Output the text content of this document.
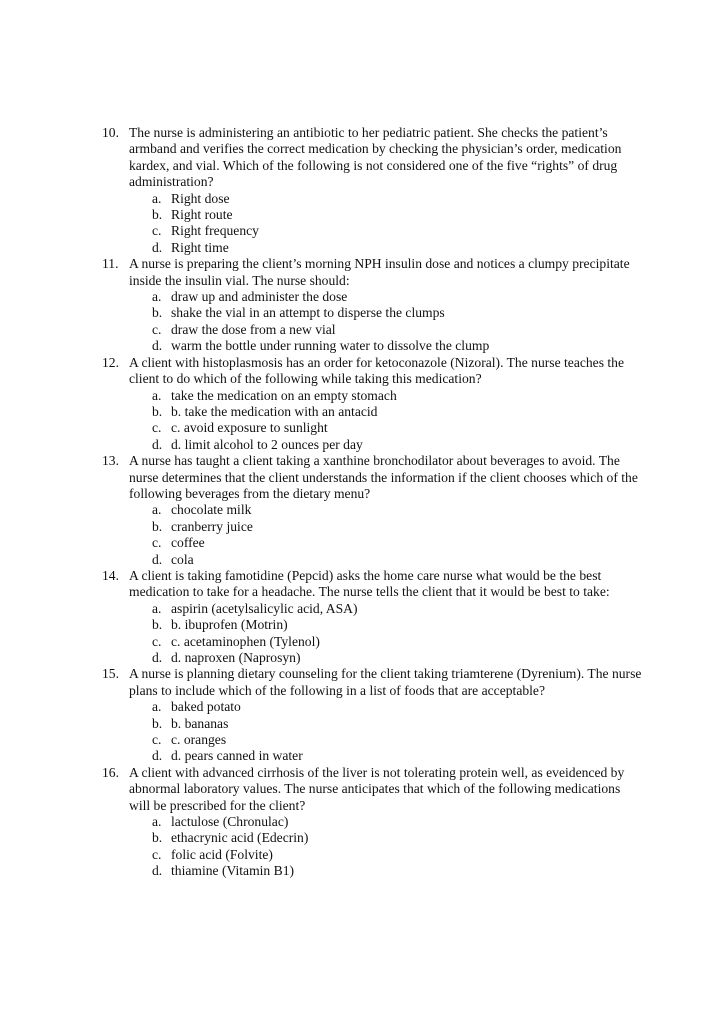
10. The nurse is administering an antibiotic to her pediatric patient. She checks the patient’s armband and verifies the correct medication by checking the physician’s order, medication kardex, and vial. Which of the following is not considered one of the five “rights” of drug administration?
a. Right dose
b. Right route
c. Right frequency
d. Right time
11. A nurse is preparing the client’s morning NPH insulin dose and notices a clumpy precipitate inside the insulin vial. The nurse should:
a. draw up and administer the dose
b. shake the vial in an attempt to disperse the clumps
c. draw the dose from a new vial
d. warm the bottle under running water to dissolve the clump
12. A client with histoplasmosis has an order for ketoconazole (Nizoral). The nurse teaches the client to do which of the following while taking this medication?
a. take the medication on an empty stomach
b. b. take the medication with an antacid
c. c. avoid exposure to sunlight
d. d. limit alcohol to 2 ounces per day
13. A nurse has taught a client taking a xanthine bronchodilator about beverages to avoid. The nurse determines that the client understands the information if the client chooses which of the following beverages from the dietary menu?
a. chocolate milk
b. cranberry juice
c. coffee
d. cola
14. A client is taking famotidine (Pepcid) asks the home care nurse what would be the best medication to take for a headache. The nurse tells the client that it would be best to take:
a. aspirin (acetylsalicylic acid, ASA)
b. b. ibuprofen (Motrin)
c. c. acetaminophen (Tylenol)
d. d. naproxen (Naprosyn)
15. A nurse is planning dietary counseling for the client taking triamterene (Dyrenium). The nurse plans to include which of the following in a list of foods that are acceptable?
a. baked potato
b. b. bananas
c. c. oranges
d. d. pears canned in water
16. A client with advanced cirrhosis of the liver is not tolerating protein well, as eveidenced by abnormal laboratory values. The nurse anticipates that which of the following medications will be prescribed for the client?
a. lactulose (Chronulac)
b. ethacrynic acid (Edecrin)
c. folic acid (Folvite)
d. thiamine (Vitamin B1)
